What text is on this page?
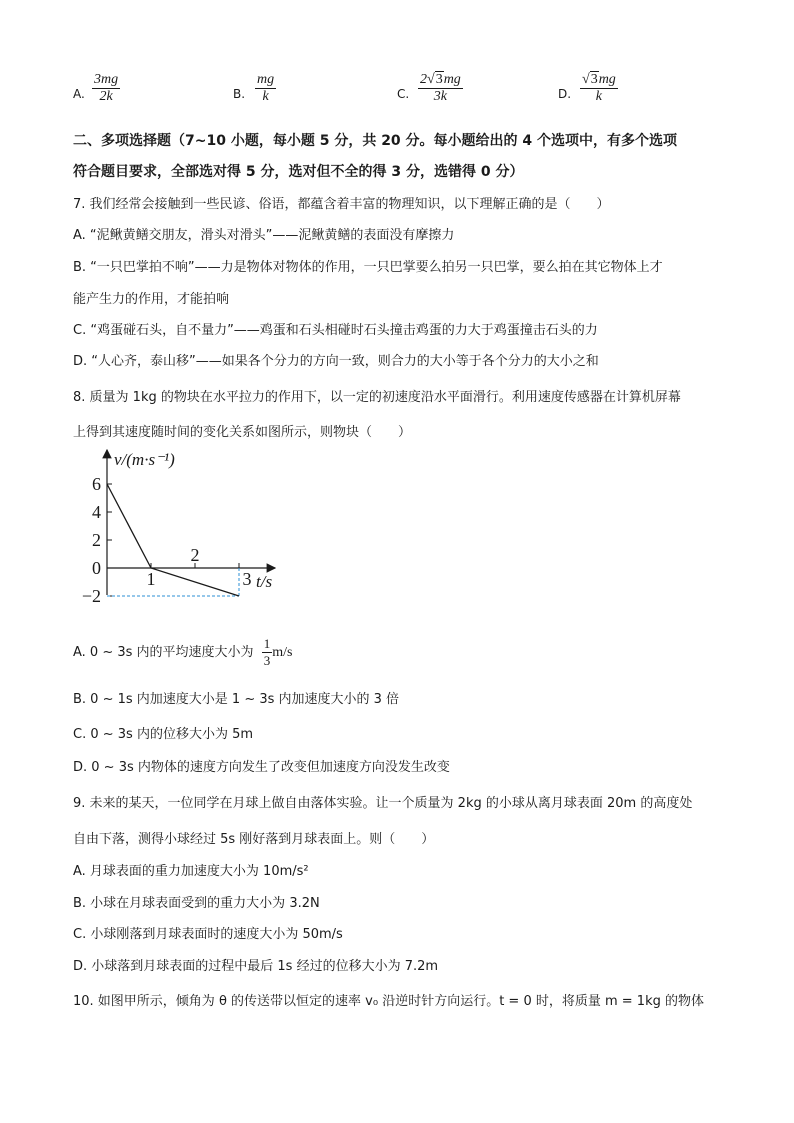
A. $\frac{3mg}{2k}$	B. $\frac{mg}{k}$	C. $\frac{2√3mg}{3k}$	D. $\frac{√3mg}{k}$
二、多项选择题（7~10 小题，每小题 5 分，共 20 分。每小题给出的 4 个选项中，有多个选项
符合题目要求，全部选对得 5 分，选对但不全的得 3 分，选错得 0 分）
7. 我们经常会接触到一些民谚、俗语，都蕴含着丰富的物理知识，以下理解正确的是（　　）
A. “泥鳅黄鳝交朋友，滑头对滑头”——泥鳅黄鳝的表面没有摩擦力
B. “一只巴掌拍不响”——力是物体对物体的作用，一只巴掌要么拍另一只巴掌，要么拍在其它物体上才
能产生力的作用，才能拍响
C. “鸡蛋碰石头，自不量力”——鸡蛋和石头相碰时石头撞击鸡蛋的力大于鸡蛋撞击石头的力
D. “人心齐，泰山移”——如果各个分力的方向一致，则合力的大小等于各个分力的大小之和
8. 质量为 1kg 的物块在水平拉力的作用下，以一定的初速度沿水平面滑行。利用速度传感器在计算机屏幕
上得到其速度随时间的变化关系如图所示，则物块（　　）
6
4
2
0
−2
1
2
3
v/(m·s⁻¹)
t/s
A. 0 ~ 3s 内的平均速度大小为 $\frac{1}{3} m/s$
B. 0 ~ 1s 内加速度大小是 1 ~ 3s 内加速度大小的 3 倍
C. 0 ~ 3s 内的位移大小为 5m
D. 0 ~ 3s 内物体的速度方向发生了改变但加速度方向没发生改变
9. 未来的某天，一位同学在月球上做自由落体实验。让一个质量为 2kg 的小球从离月球表面 20m 的高度处
自由下落，测得小球经过 5s 刚好落到月球表面上。则（　　）
A. 月球表面的重力加速度大小为 10m/s²
B. 小球在月球表面受到的重力大小为 3.2N
C. 小球刚落到月球表面时的速度大小为 50m/s
D. 小球落到月球表面的过程中最后 1s 经过的位移大小为 7.2m
10. 如图甲所示，倾角为 θ 的传送带以恒定的速率 v₀ 沿逆时针方向运行。t = 0 时，将质量 m = 1kg 的物体
